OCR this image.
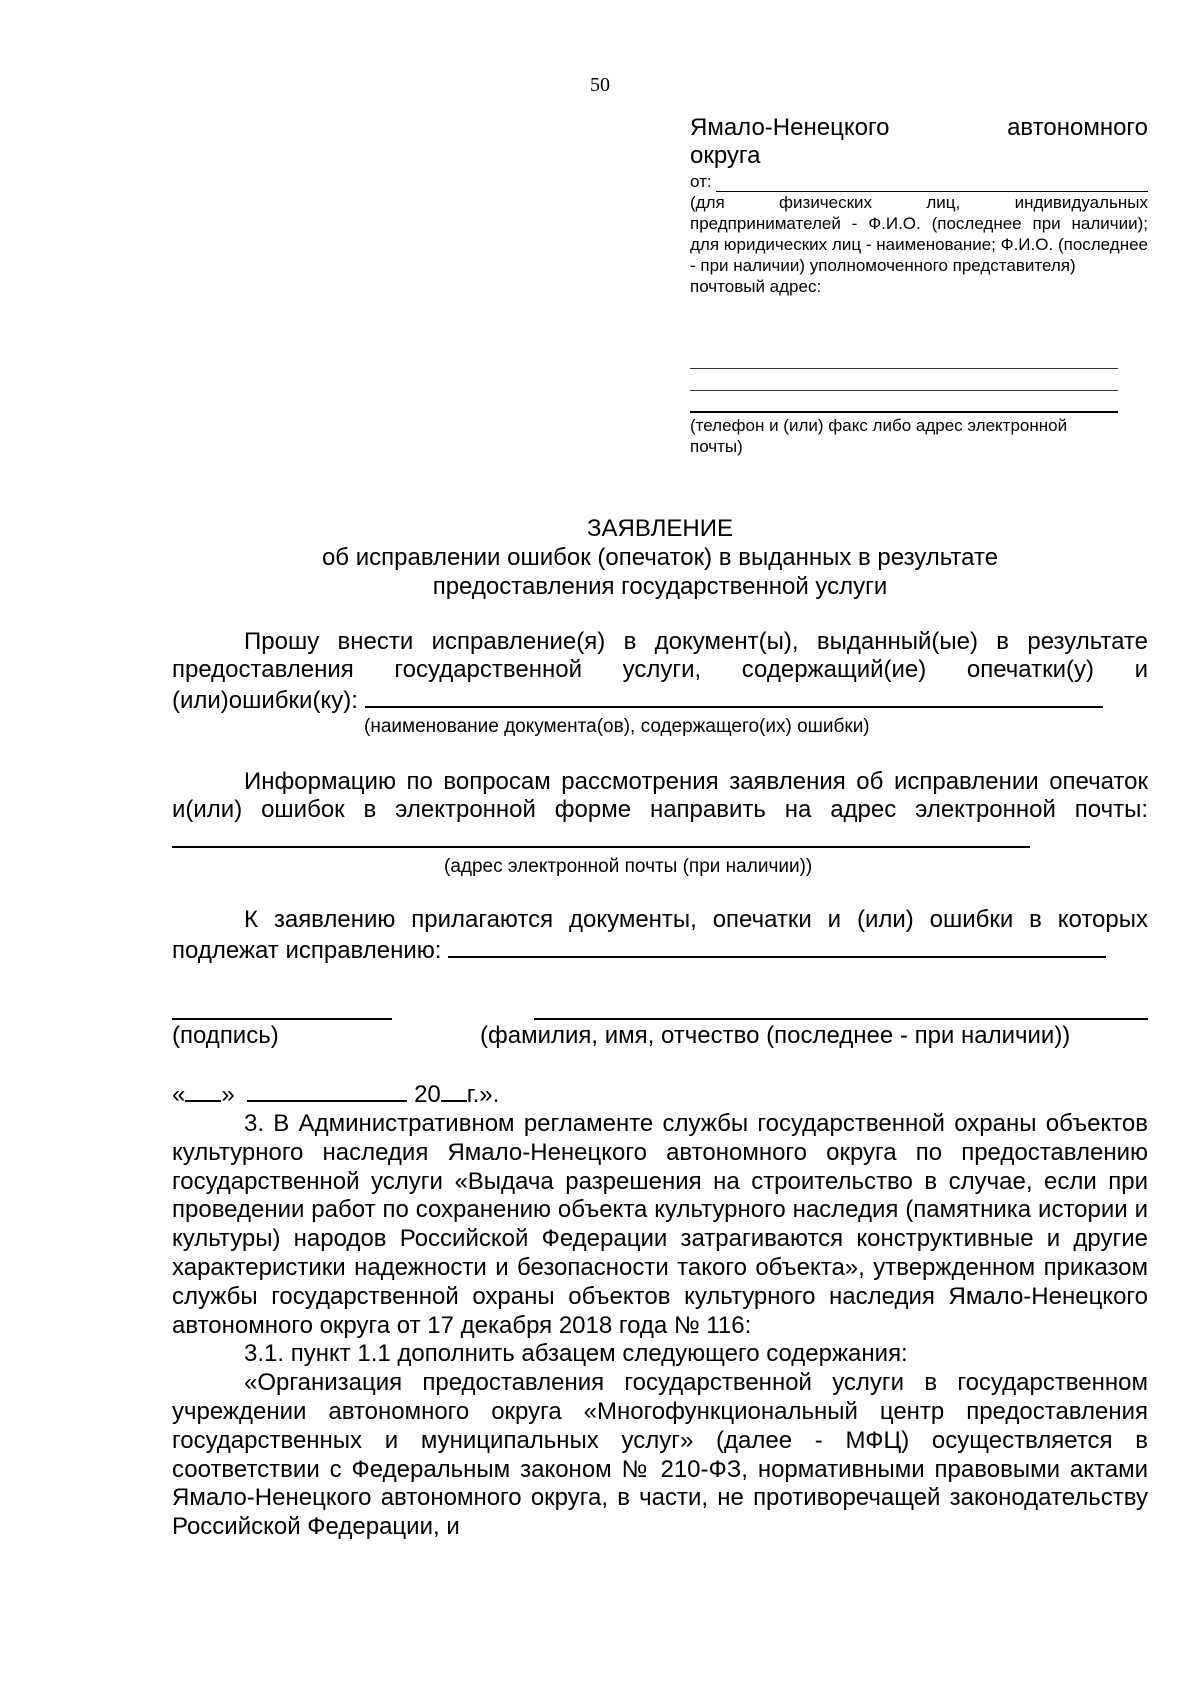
50
Ямало-Ненецкого	автономного
округа
от:
(для физических лиц, индивидуальных предпринимателей - Ф.И.О. (последнее при наличии); для юридических лиц - наименование; Ф.И.О. (последнее - при наличии) уполномоченного представителя)
почтовый адрес:
(телефон и (или) факс либо адрес электронной почты)
ЗАЯВЛЕНИЕ
об исправлении ошибок (опечаток) в выданных в результате
предоставления государственной услуги
Прошу внести исправление(я) в документ(ы), выданный(ые) в результате предоставления государственной услуги, содержащий(ие) опечатки(у) и (или)ошибки(ку):
(наименование документа(ов), содержащего(их) ошибки)
Информацию по вопросам рассмотрения заявления об исправлении опечаток и(или) ошибок в электронной форме направить на адрес электронной почты:
(адрес электронной почты (при наличии))
К заявлению прилагаются документы, опечатки и (или) ошибки в которых подлежат исправлению:
(подпись)	(фамилия, имя, отчество (последнее - при наличии))
« »	20 г.».

3. В Административном регламенте службы государственной охраны объектов культурного наследия Ямало-Ненецкого автономного округа по предоставлению государственной услуги «Выдача разрешения на строительство в случае, если при проведении работ по сохранению объекта культурного наследия (памятника истории и культуры) народов Российской Федерации затрагиваются конструктивные и другие характеристики надежности и безопасности такого объекта», утвержденном приказом службы государственной охраны объектов культурного наследия Ямало-Ненецкого автономного округа от 17 декабря 2018 года № 116:

3.1. пункт 1.1 дополнить абзацем следующего содержания:

«Организация предоставления государственной услуги в государственном учреждении автономного округа «Многофункциональный центр предоставления государственных и муниципальных услуг» (далее - МФЦ) осуществляется в соответствии с Федеральным законом № 210-ФЗ, нормативными правовыми актами Ямало-Ненецкого автономного округа, в части, не противоречащей законодательству Российской Федерации, и
